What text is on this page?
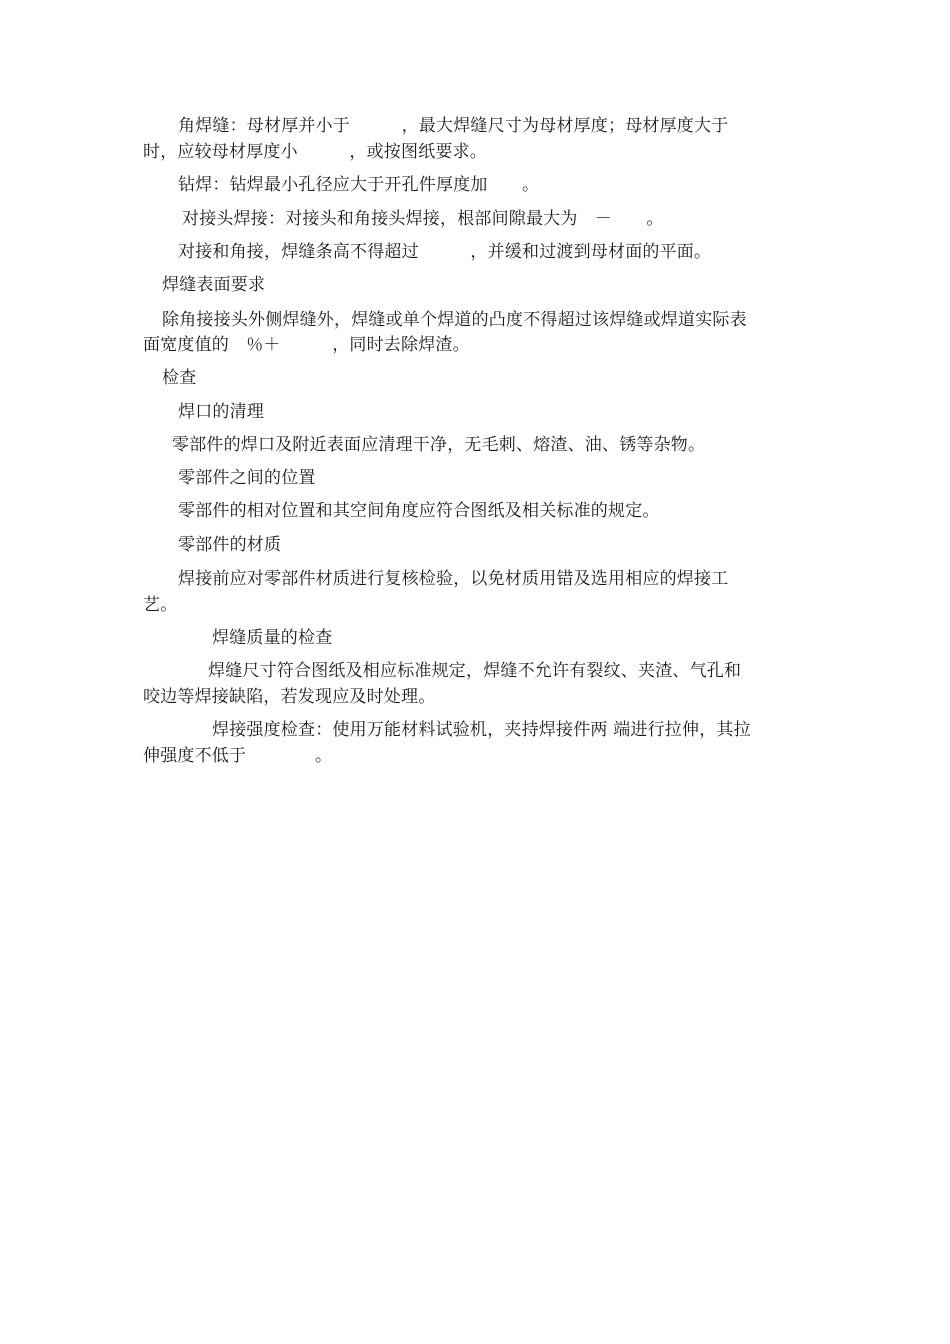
角焊缝：母材厚并小于　　　，最大焊缝尺寸为母材厚度；母材厚度大于
时，应较母材厚度小　　　，或按图纸要求。
钻焊：钻焊最小孔径应大于开孔件厚度加　　。
对接头焊接：对接头和角接头焊接，根部间隙最大为　－　　。
对接和角接，焊缝条高不得超过　　　，并缓和过渡到母材面的平面。
焊缝表面要求
除角接接头外侧焊缝外，焊缝或单个焊道的凸度不得超过该焊缝或焊道实际表
面宽度值的　％＋　　　，同时去除焊渣。
检查
焊口的清理
零部件的焊口及附近表面应清理干净，无毛刺、熔渣、油、锈等杂物。
零部件之间的位置
零部件的相对位置和其空间角度应符合图纸及相关标准的规定。
零部件的材质
焊接前应对零部件材质进行复核检验，以免材质用错及选用相应的焊接工
艺。
焊缝质量的检查
焊缝尺寸符合图纸及相应标准规定，焊缝不允许有裂纹、夹渣、气孔和
咬边等焊接缺陷，若发现应及时处理。
焊接强度检查：使用万能材料试验机，夹持焊接件两 端进行拉伸，其拉
伸强度不低于　　　　。
